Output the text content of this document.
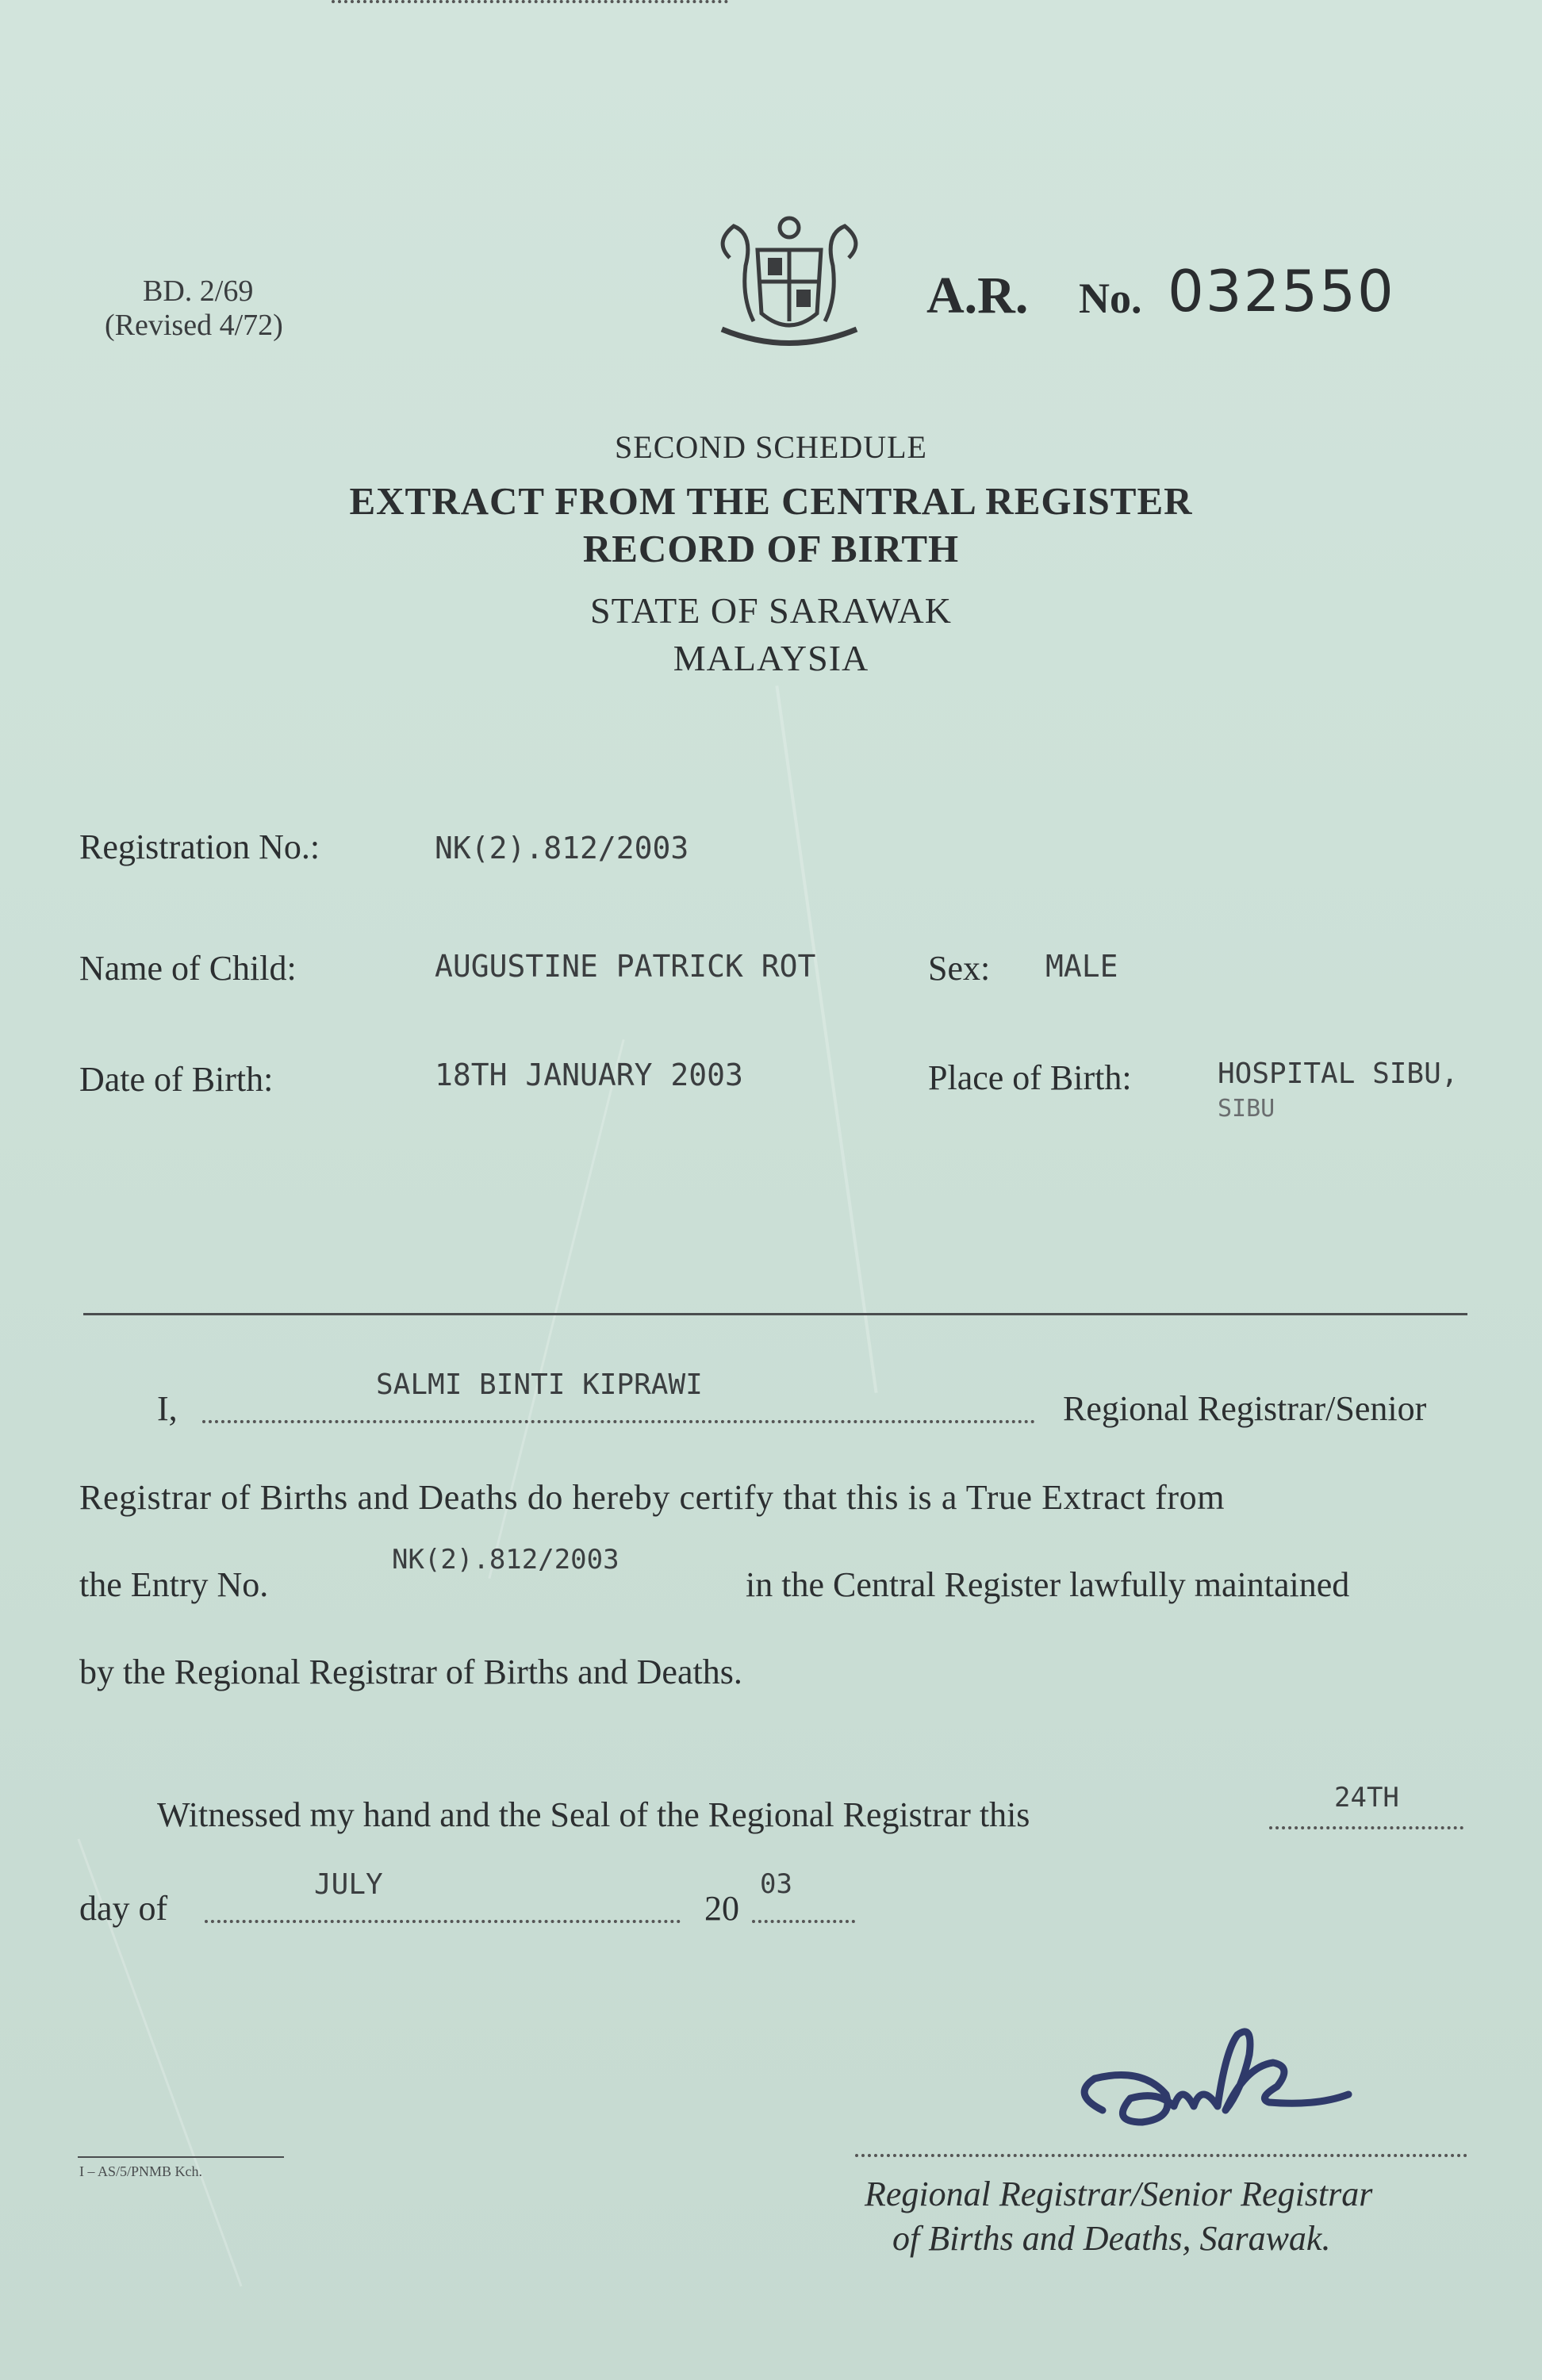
BD. 2/69
(Revised 4/72)
A.R. No. 032550
SECOND SCHEDULE
EXTRACT FROM THE CENTRAL REGISTER
RECORD OF BIRTH
STATE OF SARAWAK
MALAYSIA
Registration No.:	NK(2).812/2003
Name of Child:	AUGUSTINE PATRICK ROT	Sex: MALE
Date of Birth:	18TH JANUARY 2003	Place of Birth:	HOSPITAL SIBU,
SIBU
I,
SALMI BINTI KIPRAWI
Regional Registrar/Senior
Registrar of Births and Deaths do hereby certify that this is a True Extract from
the Entry No.
NK(2).812/2003
in the Central Register lawfully maintained
by the Regional Registrar of Births and Deaths.
Witnessed my hand and the Seal of the Regional Registrar this	24TH
day of
JULY
20
03
I – AS/5/PNMB Kch.
Regional Registrar/Senior Registrar
of Births and Deaths, Sarawak.
